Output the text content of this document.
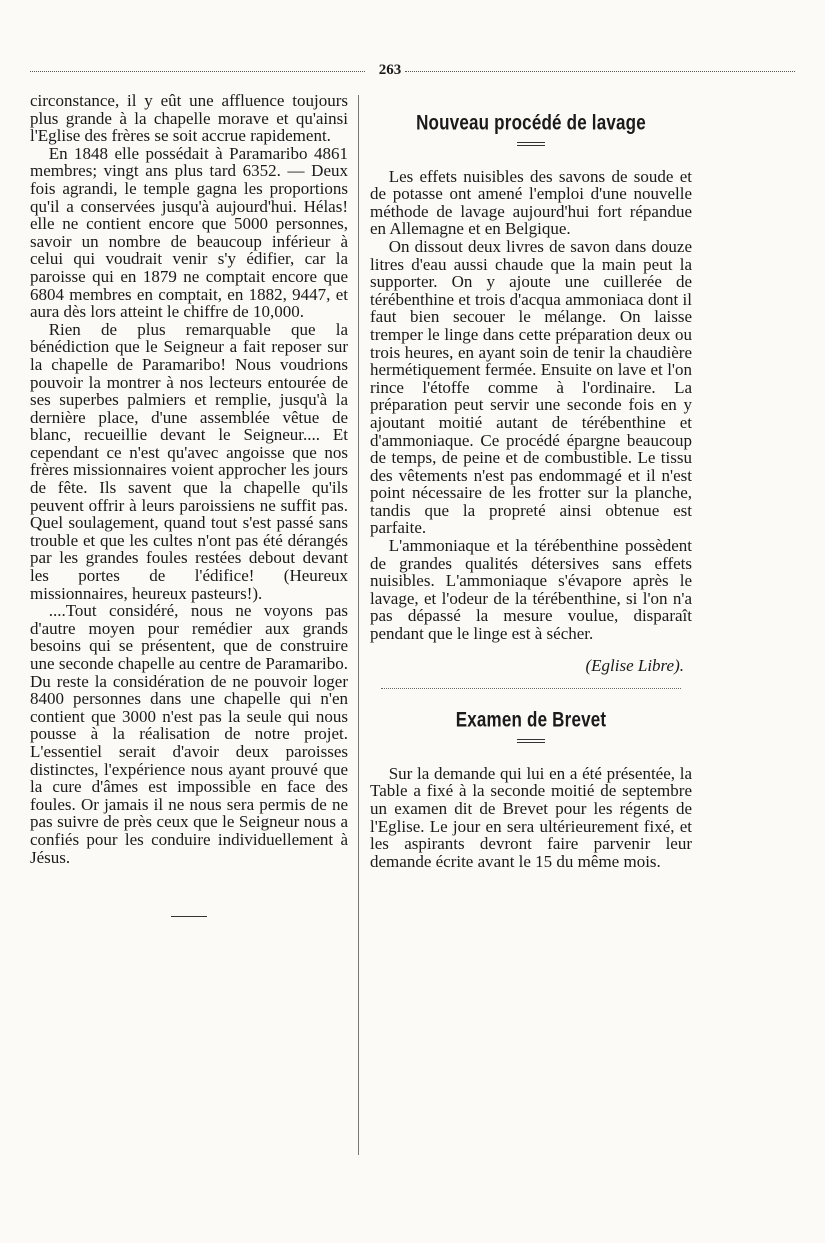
263

circonstance, il y eût une affluence toujours plus grande à la chapelle morave et qu'ainsi l'Eglise des frères se soit accrue rapidement.

En 1848 elle possédait à Paramaribo 4861 membres; vingt ans plus tard 6352. — Deux fois agrandi, le temple gagna les proportions qu'il a conservées jusqu'à aujourd'hui. Hélas! elle ne contient encore que 5000 personnes, savoir un nombre de beaucoup inférieur à celui qui voudrait venir s'y édifier, car la paroisse qui en 1879 ne comptait encore que 6804 membres en comptait, en 1882, 9447, et aura dès lors atteint le chiffre de 10,000.

Rien de plus remarquable que la bénédiction que le Seigneur a fait reposer sur la chapelle de Paramaribo! Nous voudrions pouvoir la montrer à nos lecteurs entourée de ses superbes palmiers et remplie, jusqu'à la dernière place, d'une assemblée vêtue de blanc, recueillie devant le Seigneur.... Et cependant ce n'est qu'avec angoisse que nos frères missionnaires voient approcher les jours de fête. Ils savent que la chapelle qu'ils peuvent offrir à leurs paroissiens ne suffit pas. Quel soulagement, quand tout s'est passé sans trouble et que les cultes n'ont pas été dérangés par les grandes foules restées debout devant les portes de l'édifice! (Heureux missionnaires, heureux pasteurs!).

....Tout considéré, nous ne voyons pas d'autre moyen pour remédier aux grands besoins qui se présentent, que de construire une seconde chapelle au centre de Paramaribo. Du reste la considération de ne pouvoir loger 8400 personnes dans une chapelle qui n'en contient que 3000 n'est pas la seule qui nous pousse à la réalisation de notre projet. L'essentiel serait d'avoir deux paroisses distinctes, l'expérience nous ayant prouvé que la cure d'âmes est impossible en face des foules. Or jamais il ne nous sera permis de ne pas suivre de près ceux que le Seigneur nous a confiés pour les conduire individuellement à Jésus.

Nouveau procédé de lavage

Les effets nuisibles des savons de soude et de potasse ont amené l'emploi d'une nouvelle méthode de lavage aujourd'hui fort répandue en Allemagne et en Belgique.

On dissout deux livres de savon dans douze litres d'eau aussi chaude que la main peut la supporter. On y ajoute une cuillerée de térébenthine et trois d'acqua ammoniaca dont il faut bien secouer le mélange. On laisse tremper le linge dans cette préparation deux ou trois heures, en ayant soin de tenir la chaudière hermétiquement fermée. Ensuite on lave et l'on rince l'étoffe comme à l'ordinaire. La préparation peut servir une seconde fois en y ajoutant moitié autant de térébenthine et d'ammoniaque. Ce procédé épargne beaucoup de temps, de peine et de combustible. Le tissu des vêtements n'est pas endommagé et il n'est point nécessaire de les frotter sur la planche, tandis que la propreté ainsi obtenue est parfaite.

L'ammoniaque et la térébenthine possèdent de grandes qualités détersives sans effets nuisibles. L'ammoniaque s'évapore après le lavage, et l'odeur de la térébenthine, si l'on n'a pas dépassé la mesure voulue, disparaît pendant que le linge est à sécher.

(Eglise Libre).
Examen de Brevet

Sur la demande qui lui en a été présentée, la Table a fixé à la seconde moitié de septembre un examen dit de Brevet pour les régents de l'Eglise. Le jour en sera ultérieurement fixé, et les aspirants devront faire parvenir leur demande écrite avant le 15 du même mois.
